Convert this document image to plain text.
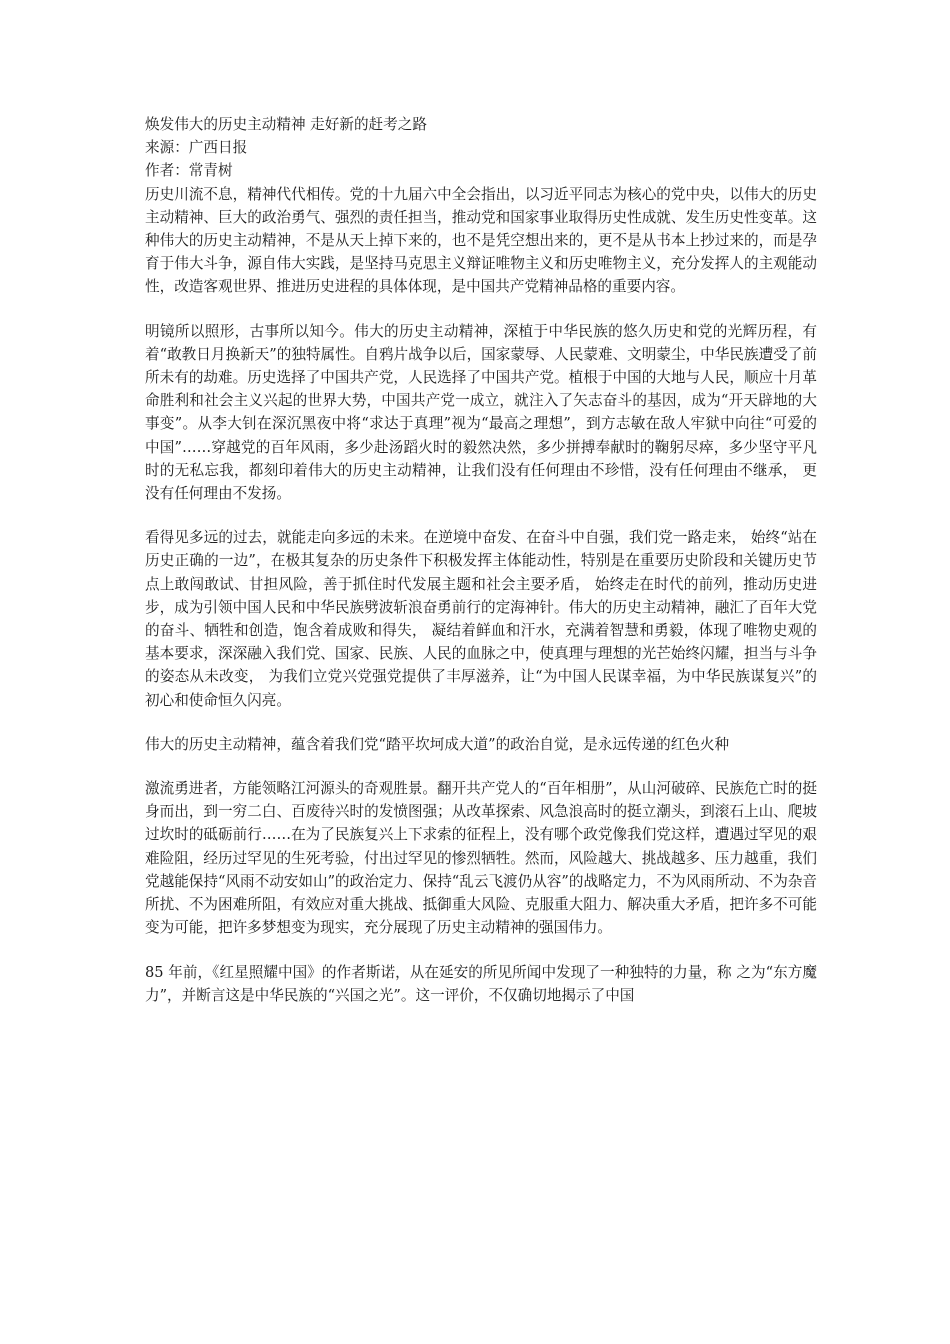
焕发伟大的历史主动精神 走好新的赶考之路

来源：广西日报

作者：常青树

历史川流不息，精神代代相传。党的十九届六中全会指出，以习近平同志为核心的党中央，以伟大的历史主动精神、巨大的政治勇气、强烈的责任担当，推动党和国家事业取得历史性成就、发生历史性变革。这种伟大的历史主动精神，不是从天上掉下来的，也不是凭空想出来的，更不是从书本上抄过来的，而是孕育于伟大斗争，源自伟大实践，是坚持马克思主义辩证唯物主义和历史唯物主义，充分发挥人的主观能动性，改造客观世界、推进历史进程的具体体现，是中国共产党精神品格的重要内容。

明镜所以照形，古事所以知今。伟大的历史主动精神，深植于中华民族的悠久历史和党的光辉历程，有着“敢教日月换新天”的独特属性。自鸦片战争以后，国家蒙辱、人民蒙难、文明蒙尘，中华民族遭受了前所未有的劫难。历史选择了中国共产党，人民选择了中国共产党。植根于中国的大地与人民，顺应十月革命胜利和社会主义兴起的世界大势，中国共产党一成立，就注入了矢志奋斗的基因，成为“开天辟地的大事变”。从李大钊在深沉黑夜中将“求达于真理”视为“最高之理想”，到方志敏在敌人牢狱中向往“可爱的中国”……穿越党的百年风雨，多少赴汤蹈火时的毅然决然，多少拼搏奉献时的鞠躬尽瘁，多少坚守平凡时的无私忘我，都刻印着伟大的历史主动精神，让我们没有任何理由不珍惜，没有任何理由不继承， 更没有任何理由不发扬。

看得见多远的过去，就能走向多远的未来。在逆境中奋发、在奋斗中自强，我们党一路走来， 始终“站在历史正确的一边”，在极其复杂的历史条件下积极发挥主体能动性，特别是在重要历史阶段和关键历史节点上敢闯敢试、甘担风险，善于抓住时代发展主题和社会主要矛盾， 始终走在时代的前列，推动历史进步，成为引领中国人民和中华民族劈波斩浪奋勇前行的定海神针。伟大的历史主动精神，融汇了百年大党的奋斗、牺牲和创造，饱含着成败和得失， 凝结着鲜血和汗水，充满着智慧和勇毅，体现了唯物史观的基本要求，深深融入我们党、国家、民族、人民的血脉之中，使真理与理想的光芒始终闪耀，担当与斗争的姿态从未改变， 为我们立党兴党强党提供了丰厚滋养，让“为中国人民谋幸福，为中华民族谋复兴”的初心和使命恒久闪亮。

伟大的历史主动精神，蕴含着我们党“踏平坎坷成大道”的政治自觉，是永远传递的红色火种

激流勇进者，方能领略江河源头的奇观胜景。翻开共产党人的“百年相册”，从山河破碎、民族危亡时的挺身而出，到一穷二白、百废待兴时的发愤图强；从改革探索、风急浪高时的挺立潮头，到滚石上山、爬坡过坎时的砥砺前行……在为了民族复兴上下求索的征程上，没有哪个政党像我们党这样，遭遇过罕见的艰难险阻，经历过罕见的生死考验，付出过罕见的惨烈牺牲。然而，风险越大、挑战越多、压力越重，我们党越能保持“风雨不动安如山”的政治定力、保持“乱云飞渡仍从容”的战略定力，不为风雨所动、不为杂音所扰、不为困难所阻，有效应对重大挑战、抵御重大风险、克服重大阻力、解决重大矛盾，把许多不可能变为可能，把许多梦想变为现实，充分展现了历史主动精神的强国伟力。

85 年前，《红星照耀中国》的作者斯诺，从在延安的所见所闻中发现了一种独特的力量，称 之为“东方魔力”，并断言这是中华民族的“兴国之光”。这一评价，不仅确切地揭示了中国
